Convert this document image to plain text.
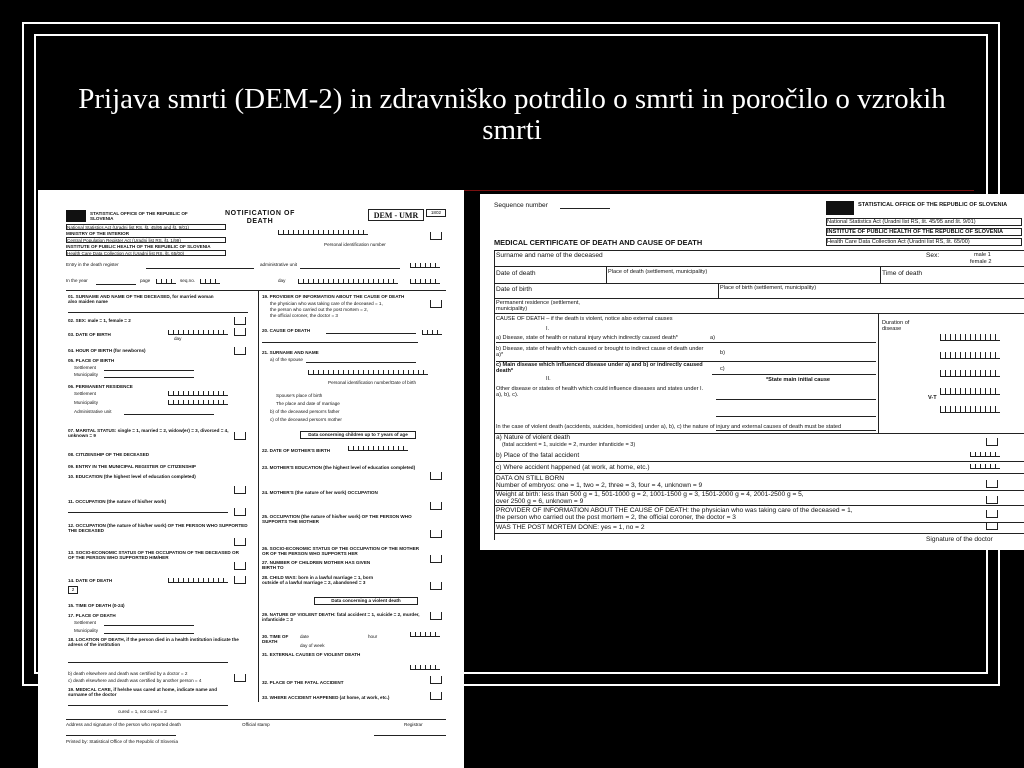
Prijava smrti (DEM-2) in zdravniško potrdilo o smrti in poročilo o vzrokih smrti
STATISTICAL OFFICE OF THE REPUBLIC OF SLOVENIA
NOTIFICATION OF DEATH
DEM - UMR	1802
National Statistics Act (Uradni list RS, št. 45/95 and št. 9/01)
MINISTRY OF THE INTERIOR
Central Population Register Act (Uradni list RS, št. 1/99)
INSTITUTE OF PUBLIC HEALTH OF THE REPUBLIC OF SLOVENIA
Health Care Data Collection Act (Uradni list RS, št. 65/00)
Personal identification number
Entry in the death register	administrative unit
In the year	page	seq.no.	day
01. SURNAME AND NAME OF THE DECEASED, for married woman also maiden name
02. SEX: male = 1, female = 2
03. DATE OF BIRTH
day
04. HOUR OF BIRTH (for newborns)
05. PLACE OF BIRTH
Settlement
Municipality
06. PERMANENT RESIDENCE
Settlement
Municipality
Administrative unit
07. MARITAL STATUS: single = 1, married = 2, widow(er) = 3, divorced = 4, unknown = 9
08. CITIZENSHIP OF THE DECEASED
09. ENTRY IN THE MUNICIPAL REGISTER OF CITIZENSHIP
10. EDUCATION (the highest level of education completed)
11. OCCUPATION (the nature of his/her work)
12. OCCUPATION (the nature of his/her work) OF THE PERSON WHO SUPPORTED THE DECEASED
13. SOCIO-ECONOMIC STATUS OF THE OCCUPATION OF THE DECEASED OR OF THE PERSON WHO SUPPORTED HIM/HER
14. DATE OF DEATH
2
15. TIME OF DEATH (0-24)
17. PLACE OF DEATH
Settlement
Municipality
18. LOCATION OF DEATH, if the person died in a health institution indicate the adress of the institution
b) death elsewhere and death was certified by a doctor = 2
c) death elsewhere and death was certified by another person = 4
19. MEDICAL CARE, if he/she was cared at home, indicate name and surname of the doctor
cured = 1, not cured = 2
19. PROVIDER OF INFORMATION ABOUT THE CAUSE OF DEATH
the physician who was taking care of the deceased = 1,
the person who carried out the post mortem = 2,
the official coroner, the doctor = 3
20. CAUSE OF DEATH
21. SURNAME AND NAME
a) of the spouse
Personal identification number/Date of birth
Spouse's place of birth
The place and date of marriage
b) of the deceased person's father
c) of the deceased person's mother
Data concerning children up to 7 years of age
22. DATE OF MOTHER'S BIRTH
23. MOTHER'S EDUCATION (the highest level of education completed)
24. MOTHER'S (the nature of her work) OCCUPATION
25. OCCUPATION (the nature of his/her work) OF THE PERSON WHO SUPPORTS THE MOTHER
26. SOCIO-ECONOMIC STATUS OF THE OCCUPATION OF THE MOTHER OR OF THE PERSON WHO SUPPORTS HER
27. NUMBER OF CHILDREN MOTHER HAS GIVEN BIRTH TO
28. CHILD WAS: born in a lawful marriage = 1, born outside of a lawful marriage = 2, abandoned = 3
Data concerning a violent death
29. NATURE OF VIOLENT DEATH: fatal accident = 1, suicide = 2, murder, infanticide = 3
30. TIME OF DEATH
date	hour
day of week
31. EXTERNAL CAUSES OF VIOLENT DEATH
32. PLACE OF THE FATAL ACCIDENT
33. WHERE ACCIDENT HAPPENED (at home, at work, etc.)
Address and signature of the person who reported death	Official stamp	Registrar
Printed by: Statistical Office of the Republic of Slovenia
Sequence number	STATISTICAL OFFICE OF THE REPUBLIC OF SLOVENIA
National Statistics Act (Uradni list RS, št. 45/95 and št. 9/01)
INSTITUTE OF PUBLIC HEALTH OF THE REPUBLIC OF SLOVENIA
Health Care Data Collection Act (Uradni list RS, št. 65/00)
MEDICAL CERTIFICATE OF DEATH AND CAUSE OF DEATH
Surname and name of the deceased	Sex:	male 1
female 2
Date of death	Place of death (settlement, municipality)	Time of death
Date of birth	Place of birth (settlement, municipality)
Permanent residence (settlement, municipality)
CAUSE OF DEATH – if the death is violent, notice also external causes
Duration of disease
I.
a) Disease, state of health or natural injury which indirectly caused death*	a)
b) Disease, state of health which caused or brought to indirect cause of death under a)*	b)
c) Main disease which influenced disease under a) and b) or indirectly caused death*	c)
II.	*State main initial cause
Other disease or states of health which could influence diseases and states under I. a), b), c).	V-T
In the case of violent death (accidents, suicides, homicides) under a), b), c) the nature of injury and external causes of death must be stated
a) Nature of violent death
(fatal accident = 1, suicide = 2, murder infanticide = 3)
b) Place of the fatal accident
c) Where accident happened (at work, at home, etc.)
DATA ON STILL BORN
Number of embryos: one = 1, two = 2, three = 3, four = 4, unknown = 9
Weight at birth: less than 500 g = 1, 501-1000 g = 2, 1001-1500 g = 3, 1501-2000 g = 4, 2001-2500 g = 5,
over 2500 g = 6, unknown = 9
PROVIDER OF INFORMATION ABOUT THE CAUSE OF DEATH: the physician who was taking care of the deceased = 1,
the person who carried out the post mortem = 2, the official coroner, the doctor = 3
WAS THE POST MORTEM DONE: yes = 1, no = 2
Signature of the doctor
